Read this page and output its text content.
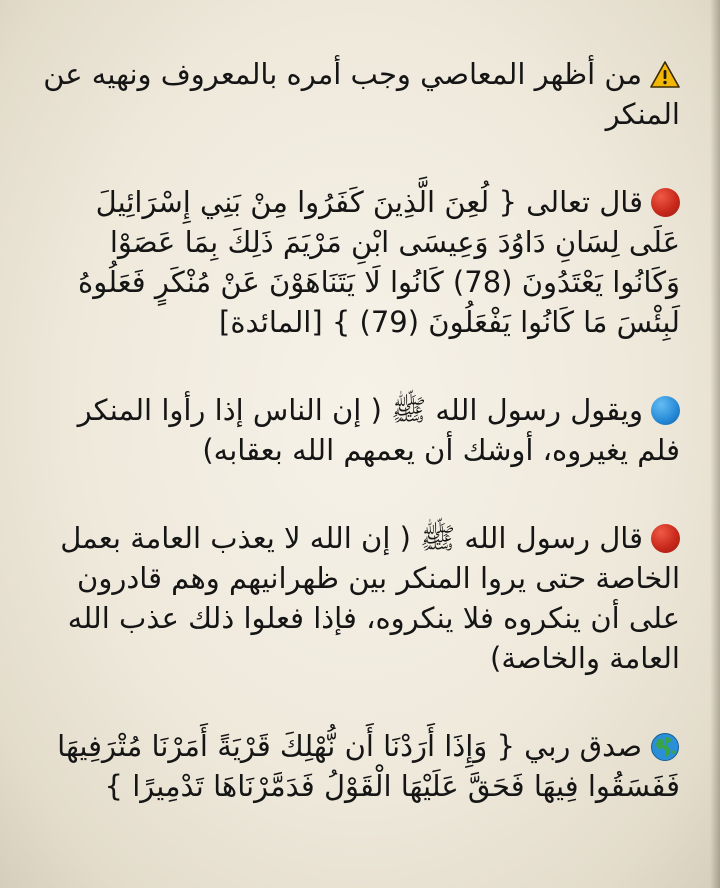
من أظهر المعاصي وجب أمره بالمعروف ونهيه عن المنكر

قال تعالى { لُعِنَ الَّذِينَ كَفَرُوا مِنْ بَنِي إِسْرَائِيلَ عَلَى لِسَانِ دَاوُدَ وَعِيسَى ابْنِ مَرْيَمَ ذَلِكَ بِمَا عَصَوْا وَكَانُوا يَعْتَدُونَ (78) كَانُوا لَا يَتَنَاهَوْنَ عَنْ مُنْكَرٍ فَعَلُوهُ لَبِئْسَ مَا كَانُوا يَفْعَلُونَ (79) } [المائدة]

ويقول رسول الله ﷺ ( إن الناس إذا رأوا المنكر فلم يغيروه، أوشك أن يعمهم الله بعقابه)

قال رسول الله ﷺ ( إن الله لا يعذب العامة بعمل الخاصة حتى يروا المنكر بين ظهرانيهم وهم قادرون على أن ينكروه فلا ينكروه، فإذا فعلوا ذلك عذب الله العامة والخاصة)

صدق ربي { وَإِذَا أَرَدْنَا أَن نُّهْلِكَ قَرْيَةً أَمَرْنَا مُتْرَفِيهَا فَفَسَقُوا فِيهَا فَحَقَّ عَلَيْهَا الْقَوْلُ فَدَمَّرْنَاهَا تَدْمِيرًا }
